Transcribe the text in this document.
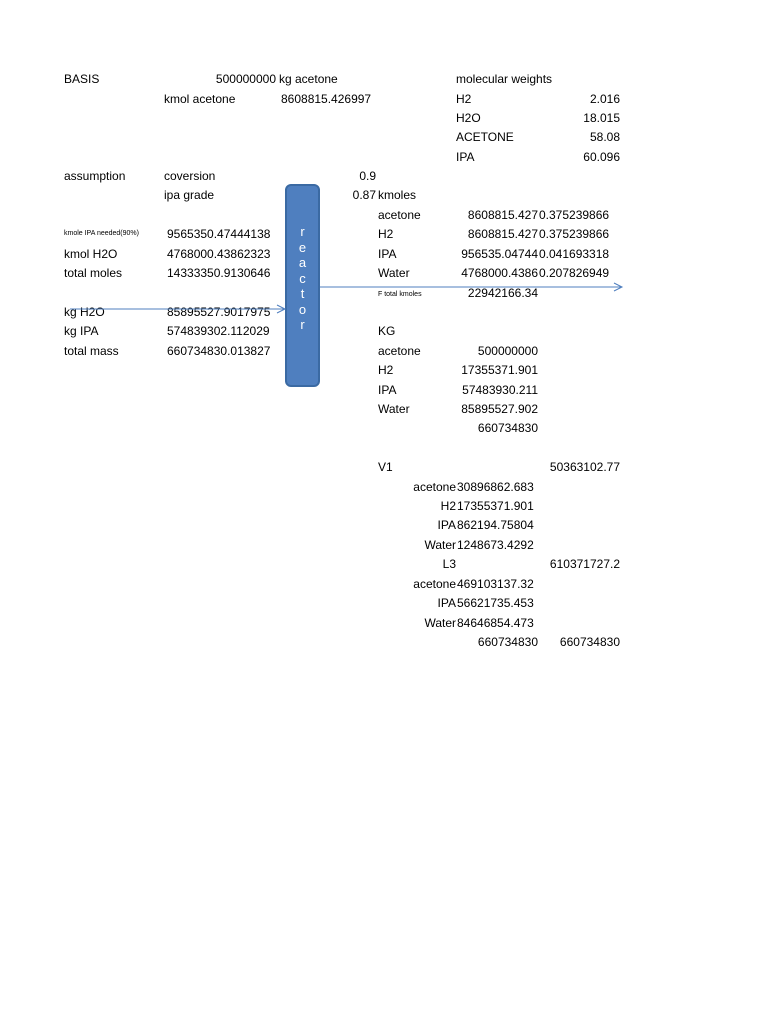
BASIS	500000000 kg acetone
kmol acetone	8608815.426997
molecular weights
H2	2.016
H2O	18.015
ACETONE	58.08
IPA	60.096
assumption	coversion	0.9
ipa grade	0.87
kmole IPA needed(90%) 9565350.47444138
kmol H2O	4768000.43862323
total moles	14333350.9130646
kg H2O	85895527.9017975
kg IPA	574839302.112029
total mass	660734830.013827
r
e
a
c
t
o
r
kmoles
acetone	8608815.427 0.375239866
H2	8608815.427 0.375239866
IPA	956535.04744 0.041693318
Water	4768000.4386 0.207826949
F total kmoles	22942166.34
KG
acetone	500000000
H2	17355371.901
IPA	57483930.211
Water	85895527.902
660734830
V1	50363102.77
acetone 30896862.683
H2 17355371.901
IPA 862194.75804
Water 1248673.4292
L3	610371727.2
acetone 469103137.32
IPA 56621735.453
Water 84646854.473
660734830	660734830
